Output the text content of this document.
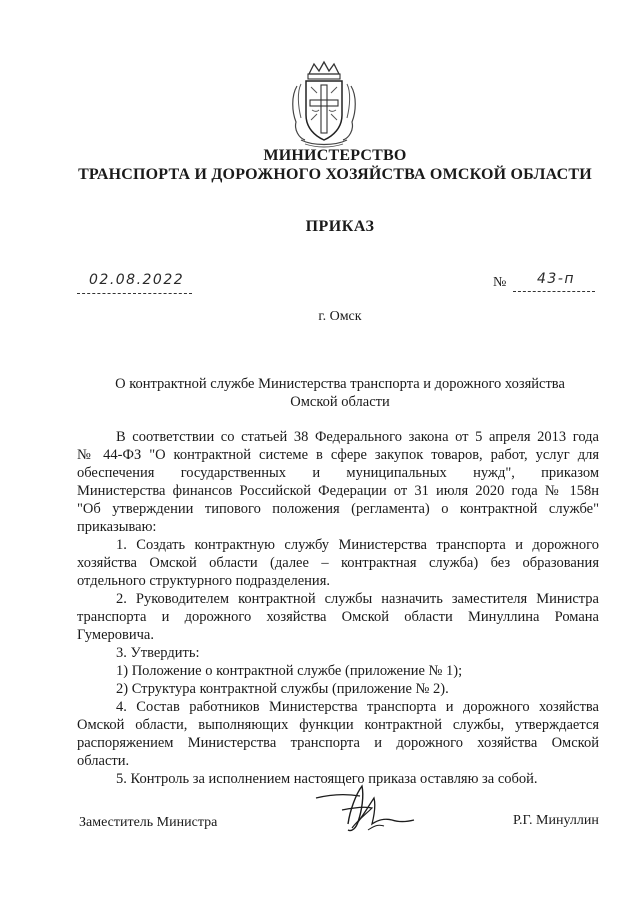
МИНИСТЕРСТВО
ТРАНСПОРТА И ДОРОЖНОГО ХОЗЯЙСТВА ОМСКОЙ ОБЛАСТИ
ПРИКАЗ
02.08.2022	№ 43-п
г. Омск
О контрактной службе Министерства транспорта и дорожного хозяйства
Омской области
В соответствии со статьей 38 Федерального закона от 5 апреля 2013 года
№ 44-ФЗ "О контрактной системе в сфере закупок товаров, работ, услуг для
обеспечения государственных и муниципальных нужд", приказом
Министерства финансов Российской Федерации от 31 июля 2020 года № 158н
"Об утверждении типового положения (регламента) о контрактной службе"
приказываю:
1. Создать контрактную службу Министерства транспорта и дорожного
хозяйства Омской области (далее – контрактная служба) без образования
отдельного структурного подразделения.
2. Руководителем контрактной службы назначить заместителя Министра
транспорта и дорожного хозяйства Омской области Минуллина Романа
Гумеровича.
3. Утвердить:
1) Положение о контрактной службе (приложение № 1);
2) Структура контрактной службы (приложение № 2).
4. Состав работников Министерства транспорта и дорожного хозяйства
Омской области, выполняющих функции контрактной службы, утверждается
распоряжением Министерства транспорта и дорожного хозяйства Омской
области.
5. Контроль за исполнением настоящего приказа оставляю за собой.
Заместитель Министра	Р.Г. Минуллин
